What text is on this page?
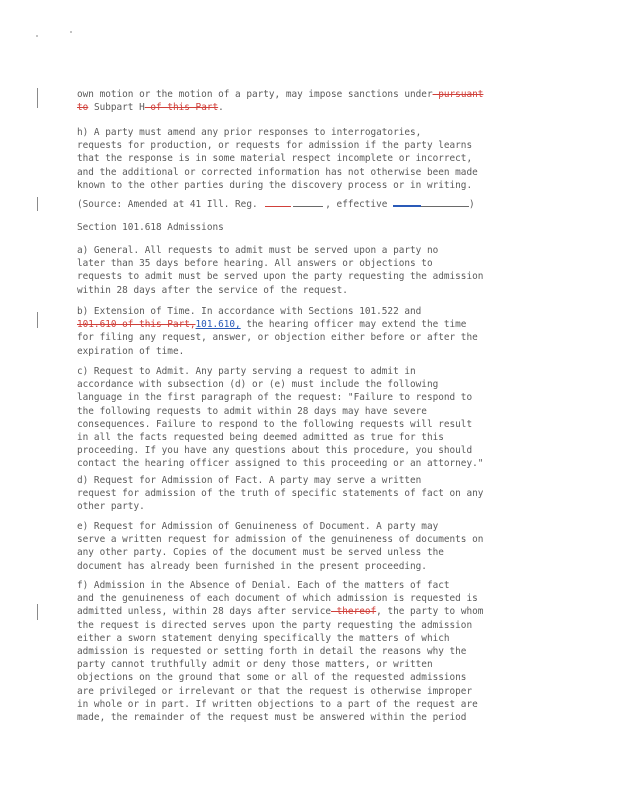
own motion or the motion of a party, may impose sanctions under pursuant
to Subpart H of this Part.
h) A party must amend any prior responses to interrogatories,
requests for production, or requests for admission if the party learns
that the response is in some material respect incomplete or incorrect,
and the additional or corrected information has not otherwise been made
known to the other parties during the discovery process or in writing.
(Source: Amended at 41 Ill. Reg.	, effective	)
Section 101.618 Admissions
a) General. All requests to admit must be served upon a party no
later than 35 days before hearing. All answers or objections to
requests to admit must be served upon the party requesting the admission
within 28 days after the service of the request.
b) Extension of Time. In accordance with Sections 101.522 and
101.610 of this Part,101.610, the hearing officer may extend the time
for filing any request, answer, or objection either before or after the
expiration of time.
c) Request to Admit. Any party serving a request to admit in
accordance with subsection (d) or (e) must include the following
language in the first paragraph of the request: "Failure to respond to
the following requests to admit within 28 days may have severe
consequences. Failure to respond to the following requests will result
in all the facts requested being deemed admitted as true for this
proceeding. If you have any questions about this procedure, you should
contact the hearing officer assigned to this proceeding or an attorney."
d) Request for Admission of Fact. A party may serve a written
request for admission of the truth of specific statements of fact on any
other party.
e) Request for Admission of Genuineness of Document. A party may
serve a written request for admission of the genuineness of documents on
any other party. Copies of the document must be served unless the
document has already been furnished in the present proceeding.
f) Admission in the Absence of Denial. Each of the matters of fact
and the genuineness of each document of which admission is requested is
admitted unless, within 28 days after service thereof, the party to whom
the request is directed serves upon the party requesting the admission
either a sworn statement denying specifically the matters of which
admission is requested or setting forth in detail the reasons why the
party cannot truthfully admit or deny those matters, or written
objections on the ground that some or all of the requested admissions
are privileged or irrelevant or that the request is otherwise improper
in whole or in part. If written objections to a part of the request are
made, the remainder of the request must be answered within the period
